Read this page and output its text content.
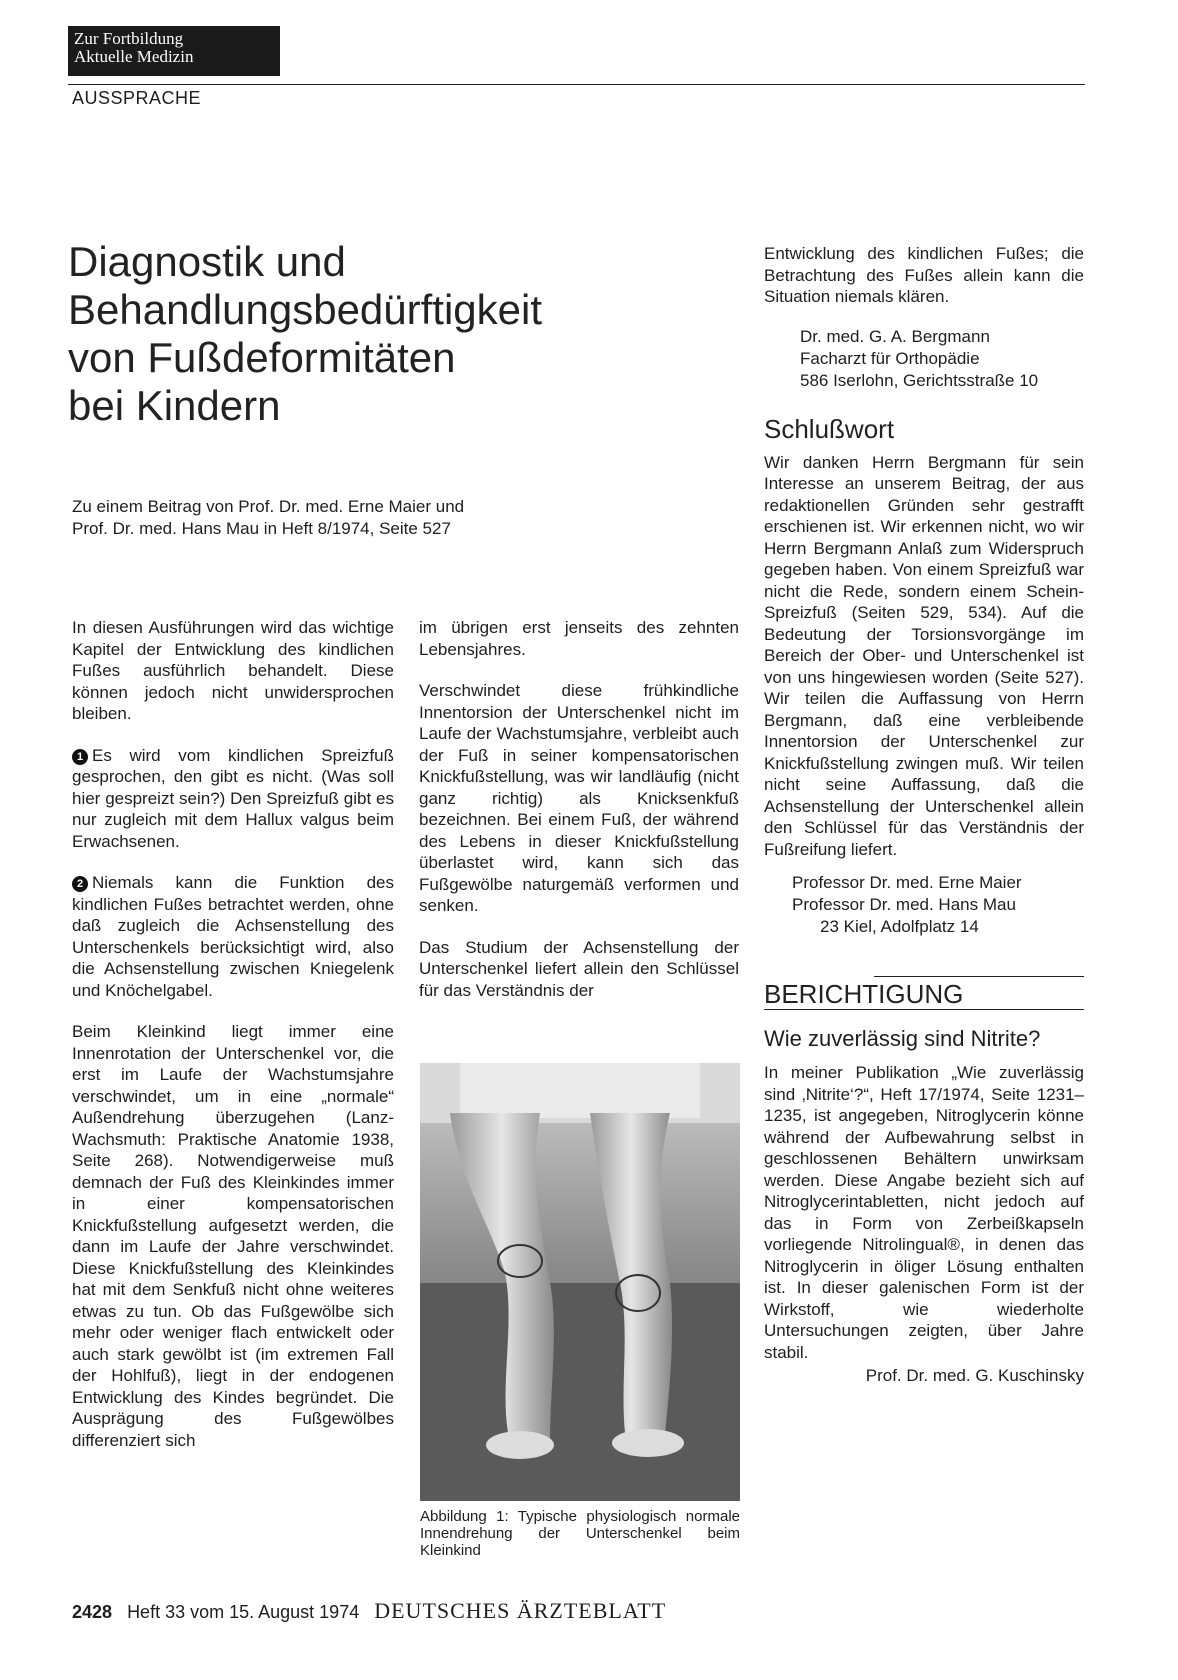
Zur Fortbildung
Aktuelle Medizin
AUSSPRACHE
Diagnostik und
Behandlungsbedürftigkeit
von Fußdeformitäten
bei Kindern
Zu einem Beitrag von Prof. Dr. med. Erne Maier und
Prof. Dr. med. Hans Mau in Heft 8/1974, Seite 527

In diesen Ausführungen wird das wichtige Kapitel der Entwicklung des kindlichen Fußes ausführlich behandelt. Diese können jedoch nicht unwidersprochen bleiben.

1 Es wird vom kindlichen Spreizfuß gesprochen, den gibt es nicht. (Was soll hier gespreizt sein?) Den Spreizfuß gibt es nur zugleich mit dem Hallux valgus beim Erwachsenen.

2 Niemals kann die Funktion des kindlichen Fußes betrachtet werden, ohne daß zugleich die Achsenstellung des Unterschenkels berücksichtigt wird, also die Achsenstellung zwischen Kniegelenk und Knöchelgabel.

Beim Kleinkind liegt immer eine Innenrotation der Unterschenkel vor, die erst im Laufe der Wachstumsjahre verschwindet, um in eine „normale“ Außendrehung überzugehen (Lanz-Wachsmuth: Praktische Anatomie 1938, Seite 268). Notwendigerweise muß demnach der Fuß des Kleinkindes immer in einer kompensatorischen Knickfußstellung aufgesetzt werden, die dann im Laufe der Jahre verschwindet. Diese Knickfußstellung des Kleinkindes hat mit dem Senkfuß nicht ohne weiteres etwas zu tun. Ob das Fußgewölbe sich mehr oder weniger flach entwickelt oder auch stark gewölbt ist (im extremen Fall der Hohlfuß), liegt in der endogenen Entwicklung des Kindes begründet. Die Ausprägung des Fußgewölbes differenziert sich

im übrigen erst jenseits des zehnten Lebensjahres.

Verschwindet diese frühkindliche Innentorsion der Unterschenkel nicht im Laufe der Wachstumsjahre, verbleibt auch der Fuß in seiner kompensatorischen Knickfußstellung, was wir landläufig (nicht ganz richtig) als Knicksenkfuß bezeichnen. Bei einem Fuß, der während des Lebens in dieser Knickfußstellung überlastet wird, kann sich das Fußgewölbe naturgemäß verformen und senken.

Das Studium der Achsenstellung der Unterschenkel liefert allein den Schlüssel für das Verständnis der

Abbildung 1: Typische physiologisch normale Innendrehung der Unterschenkel beim Kleinkind

Entwicklung des kindlichen Fußes; die Betrachtung des Fußes allein kann die Situation niemals klären.

Dr. med. G. A. Bergmann
Facharzt für Orthopädie
586 Iserlohn, Gerichtsstraße 10
Schlußwort

Wir danken Herrn Bergmann für sein Interesse an unserem Beitrag, der aus redaktionellen Gründen sehr gestrafft erschienen ist. Wir erkennen nicht, wo wir Herrn Bergmann Anlaß zum Widerspruch gegeben haben. Von einem Spreizfuß war nicht die Rede, sondern einem Schein-Spreizfuß (Seiten 529, 534). Auf die Bedeutung der Torsionsvorgänge im Bereich der Ober- und Unterschenkel ist von uns hingewiesen worden (Seite 527). Wir teilen die Auffassung von Herrn Bergmann, daß eine verbleibende Innentorsion der Unterschenkel zur Knickfußstellung zwingen muß. Wir teilen nicht seine Auffassung, daß die Achsenstellung der Unterschenkel allein den Schlüssel für das Verständnis der Fußreifung liefert.

Professor Dr. med. Erne Maier
Professor Dr. med. Hans Mau
23 Kiel, Adolfplatz 14
BERICHTIGUNG
Wie zuverlässig sind Nitrite?

In meiner Publikation „Wie zuverlässig sind ‚Nitrite‘?“, Heft 17/1974, Seite 1231–1235, ist angegeben, Nitroglycerin könne während der Aufbewahrung selbst in geschlossenen Behältern unwirksam werden. Diese Angabe bezieht sich auf Nitroglycerintabletten, nicht jedoch auf das in Form von Zerbeißkapseln vorliegende Nitrolingual®, in denen das Nitroglycerin in öliger Lösung enthalten ist. In dieser galenischen Form ist der Wirkstoff, wie wiederholte Untersuchungen zeigten, über Jahre stabil.

Prof. Dr. med. G. Kuschinsky
2428 Heft 33 vom 15. August 1974 DEUTSCHES ÄRZTEBLATT
